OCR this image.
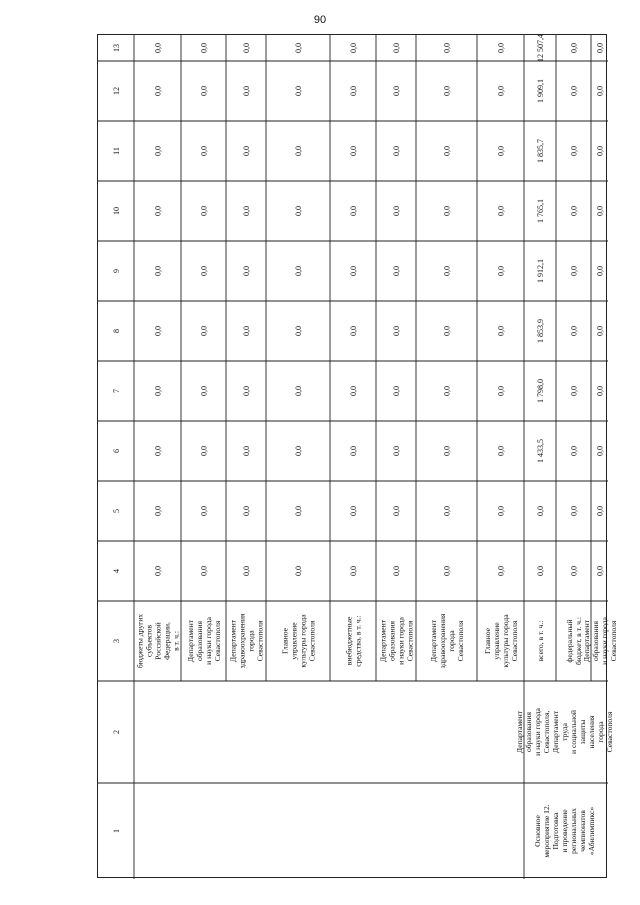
90
1
2
3
4
5
6
7
8
9
10
11
12
13
Основное мероприятие 12. Подготовка и проведение региональных чемпионатов «Абилимпикс»
Департамент образования и науки города Севастополя, Департамент труда и социальной защиты населения города Севастополя
бюджеты других субъектов Российской Федерации, в т. ч.:
0,0
0,0
0,0
0,0
0,0
0,0
0,0
0,0
0,0
0,0
Департамент образования и науки города Севастополя
0,0
0,0
0,0
0,0
0,0
0,0
0,0
0,0
0,0
0,0
Департамент здравоохранения города Севастополя
0,0
0,0
0,0
0,0
0,0
0,0
0,0
0,0
0,0
0,0
Главное управление культуры города Севастополя
0,0
0,0
0,0
0,0
0,0
0,0
0,0
0,0
0,0
0,0
внебюджетные средства, в т. ч.:
0,0
0,0
0,0
0,0
0,0
0,0
0,0
0,0
0,0
0,0
Департамент образования и науки города Севастополя
0,0
0,0
0,0
0,0
0,0
0,0
0,0
0,0
0,0
0,0
Департамент здравоохранения города Севастополя
0,0
0,0
0,0
0,0
0,0
0,0
0,0
0,0
0,0
0,0
Главное управление культуры города Севастополя
0,0
0,0
0,0
0,0
0,0
0,0
0,0
0,0
0,0
0,0
всего, в т. ч.:
0,0
0,0
1 433,5
1 798,0
1 853,9
1 912,1
1 765,1
1 835,7
1 909,1
12 507,4
федеральный бюджет, в т. ч.:
0,0
0,0
0,0
0,0
0,0
0,0
0,0
0,0
0,0
0,0
Департамент образования и науки города Севастополя
0,0
0,0
0,0
0,0
0,0
0,0
0,0
0,0
0,0
0,0
